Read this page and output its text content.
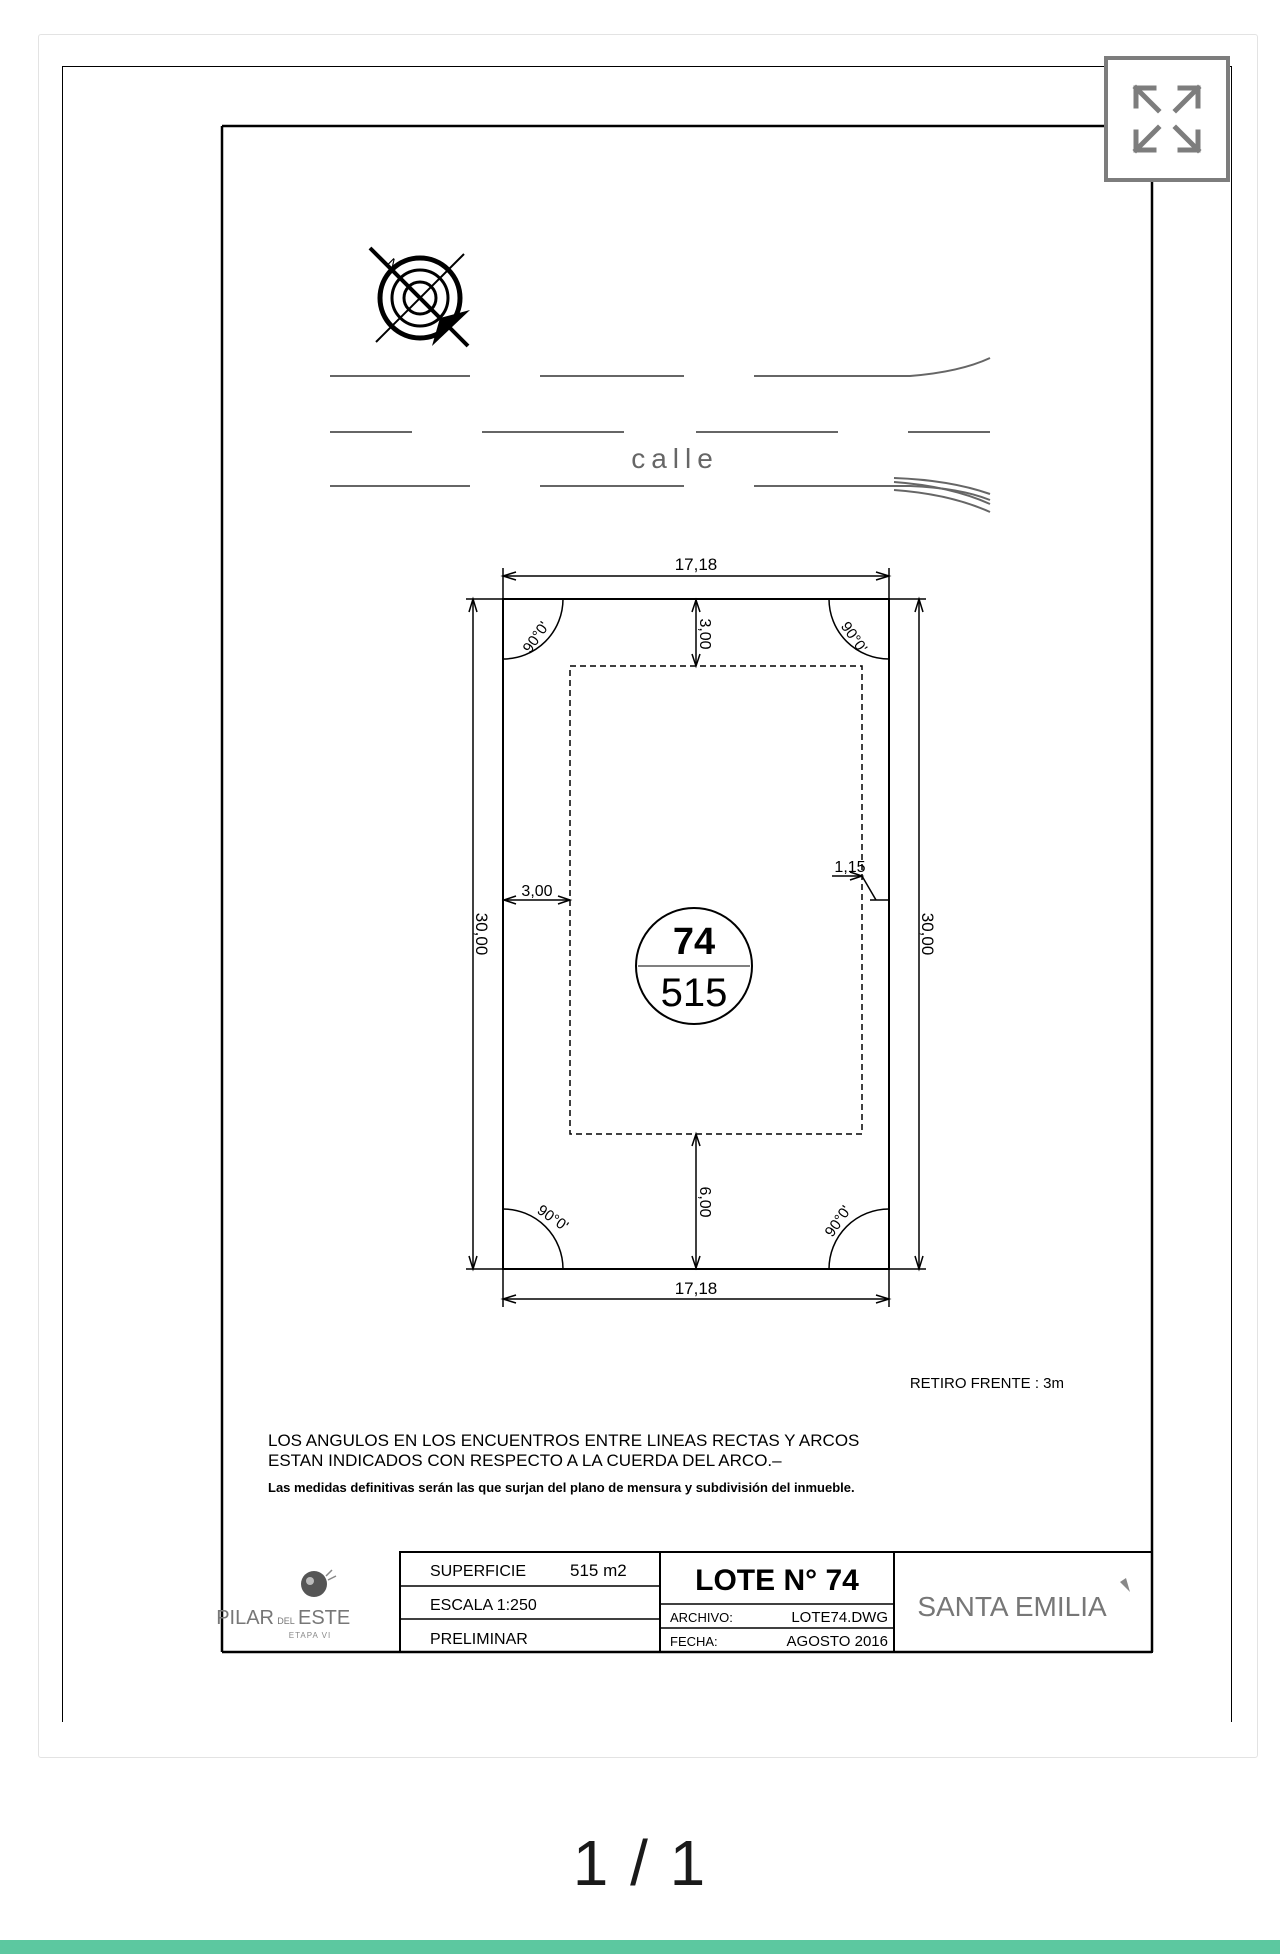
N
calle
17,18
17,18
30,00	30,00
3,00
6,00
3,00
1,15
90°0'	90°0'
90°0'	90°0'
74
515
RETIRO FRENTE : 3m
LOS ANGULOS EN LOS ENCUENTROS ENTRE LINEAS RECTAS Y ARCOS
ESTAN INDICADOS CON RESPECTO A LA CUERDA DEL ARCO.–
Las medidas definitivas serán las que surjan del plano de mensura y subdivisión del inmueble.
PILAR DEL ESTE
ETAPA VI
SUPERFICIE	515 m2
ESCALA 1:250
PRELIMINAR
LOTE N° 74
ARCHIVO:	LOTE74.DWG
FECHA:	AGOSTO 2016
SANTA EMILIA
1 / 1
